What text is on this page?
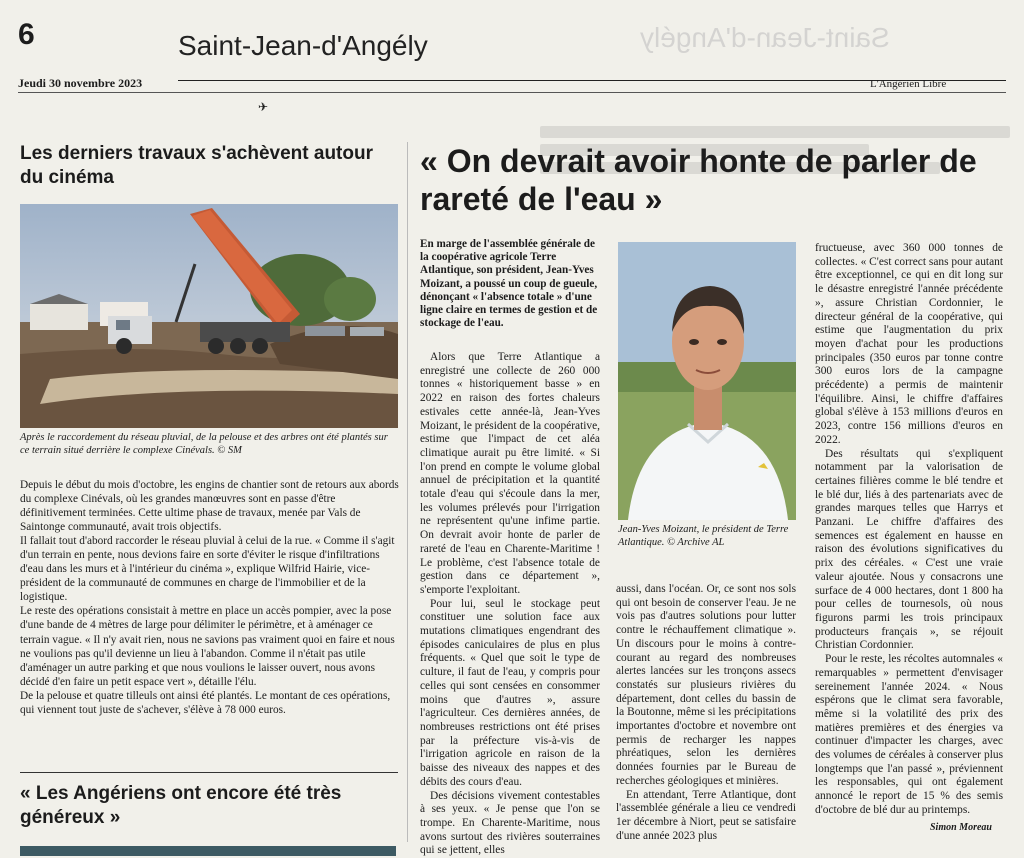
6	Saint-Jean-d'Angély	Saint-Jean-d'Angély
Jeudi 30 novembre 2023	L'Angérien Libre
✈
Les derniers travaux s'achèvent autour du cinéma
Après le raccordement du réseau pluvial, de la pelouse et des arbres ont été plantés sur ce terrain situé derrière le complexe Cinévals. © SM

Depuis le début du mois d'octobre, les engins de chantier sont de retours aux abords du complexe Cinévals, où les grandes manœuvres sont en passe d'être définitivement terminées. Cette ultime phase de travaux, menée par Vals de Saintonge communauté, avait trois objectifs.

Il fallait tout d'abord raccorder le réseau pluvial à celui de la rue. « Comme il s'agit d'un terrain en pente, nous devions faire en sorte d'éviter le risque d'infiltrations d'eau dans les murs et à l'intérieur du cinéma », explique Wilfrid Hairie, vice-président de la communauté de communes en charge de l'immobilier et de la logistique.

Le reste des opérations consistait à mettre en place un accès pompier, avec la pose d'une bande de 4 mètres de large pour délimiter le périmètre, et à aménager ce terrain vague. « Il n'y avait rien, nous ne savions pas vraiment quoi en faire et nous ne voulions pas qu'il devienne un lieu à l'abandon. Comme il n'était pas utile d'aménager un autre parking et que nous voulions le laisser ouvert, nous avons décidé d'en faire un petit espace vert », détaille l'élu.

De la pelouse et quatre tilleuls ont ainsi été plantés. Le montant de ces opérations, qui viennent tout juste de s'achever, s'élève à 78 000 euros.

« Les Angériens ont encore été très généreux »
« On devrait avoir honte de parler de rareté de l'eau »
En marge de l'assemblée générale de la coopérative agricole Terre Atlantique, son président, Jean-Yves Moizant, a poussé un coup de gueule, dénonçant « l'absence totale » d'une ligne claire en termes de gestion et de stockage de l'eau.

Alors que Terre Atlantique a enregistré une collecte de 260 000 tonnes « historiquement basse » en 2022 en raison des fortes chaleurs estivales cette année-là, Jean-Yves Moizant, le président de la coopérative, estime que l'impact de cet aléa climatique aurait pu être limité. « Si l'on prend en compte le volume global annuel de précipitation et la quantité totale d'eau qui s'écoule dans la mer, les volumes prélevés pour l'irrigation ne représentent qu'une infime partie. On devrait avoir honte de parler de rareté de l'eau en Charente-Maritime ! Le problème, c'est l'absence totale de gestion dans ce département », s'emporte l'exploitant.

Pour lui, seul le stockage peut constituer une solution face aux mutations climatiques engendrant des épisodes caniculaires de plus en plus fréquents. « Quel que soit le type de culture, il faut de l'eau, y compris pour celles qui sont censées en consommer moins que d'autres », assure l'agriculteur. Ces dernières années, de nombreuses restrictions ont été prises par la préfecture vis-à-vis de l'irrigation agricole en raison de la baisse des niveaux des nappes et des débits des cours d'eau.

Des décisions vivement contestables à ses yeux. « Je pense que l'on se trompe. En Charente-Maritime, nous avons surtout des rivières souterraines qui se jettent, elles

Jean-Yves Moizant, le président de Terre Atlantique. © Archive AL

aussi, dans l'océan. Or, ce sont nos sols qui ont besoin de conserver l'eau. Je ne vois pas d'autres solutions pour lutter contre le réchauffement climatique ». Un discours pour le moins à contre-courant au regard des nombreuses alertes lancées sur les tronçons assecs constatés sur plusieurs rivières du département, dont celles du bassin de la Boutonne, même si les précipitations importantes d'octobre et novembre ont permis de recharger les nappes phréatiques, selon les dernières données fournies par le Bureau de recherches géologiques et minières.

En attendant, Terre Atlantique, dont l'assemblée générale a lieu ce vendredi 1er décembre à Niort, peut se satisfaire d'une année 2023 plus

fructueuse, avec 360 000 tonnes de collectes. « C'est correct sans pour autant être exceptionnel, ce qui en dit long sur le désastre enregistré l'année précédente », assure Christian Cordonnier, le directeur général de la coopérative, qui estime que l'augmentation du prix moyen d'achat pour les productions principales (350 euros par tonne contre 300 euros lors de la campagne précédente) a permis de maintenir l'équilibre. Ainsi, le chiffre d'affaires global s'élève à 153 millions d'euros en 2023, contre 156 millions d'euros en 2022.

Des résultats qui s'expliquent notamment par la valorisation de certaines filières comme le blé tendre et le blé dur, liés à des partenariats avec de grandes marques telles que Harrys et Panzani. Le chiffre d'affaires des semences est également en hausse en raison des évolutions significatives du prix des céréales. « C'est une vraie valeur ajoutée. Nous y consacrons une surface de 4 000 hectares, dont 1 800 ha pour celles de tournesols, où nous figurons parmi les trois principaux producteurs français », se réjouit Christian Cordonnier.

Pour le reste, les récoltes automnales « remarquables » permettent d'envisager sereinement l'année 2024. « Nous espérons que le climat sera favorable, même si la volatilité des prix des matières premières et des énergies va continuer d'impacter les charges, avec des volumes de céréales à conserver plus longtemps que l'an passé », préviennent les responsables, qui ont également annoncé le report de 15 % des semis d'octobre de blé dur au printemps.

Simon Moreau
